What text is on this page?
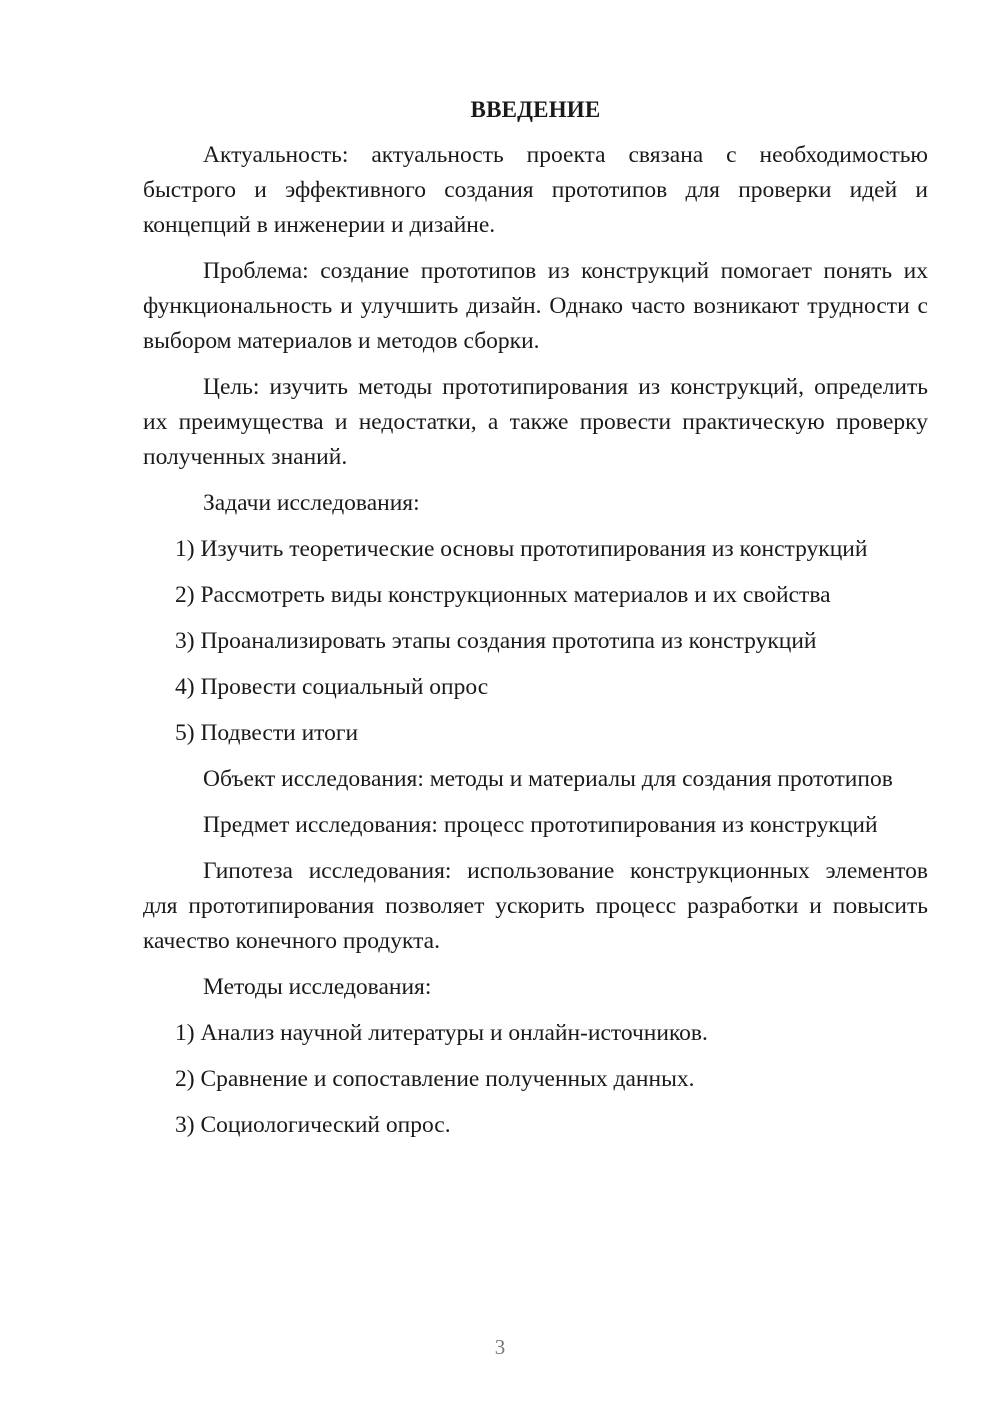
ВВЕДЕНИЕ

Актуальность: актуальность проекта связана с необходимостью быстрого и эффективного создания прототипов для проверки идей и концепций в инженерии и дизайне.

Проблема: создание прототипов из конструкций помогает понять их функциональность и улучшить дизайн. Однако часто возникают трудности с выбором материалов и методов сборки.

Цель: изучить методы прототипирования из конструкций, определить их преимущества и недостатки, а также провести практическую проверку полученных знаний.

Задачи исследования:

1) Изучить теоретические основы прототипирования из конструкций

2) Рассмотреть виды конструкционных материалов и их свойства

3) Проанализировать этапы создания прототипа из конструкций

4) Провести социальный опрос

5) Подвести итоги

Объект исследования: методы и материалы для создания прототипов

Предмет исследования: процесс прототипирования из конструкций

Гипотеза исследования: использование конструкционных элементов для прототипирования позволяет ускорить процесс разработки и повысить качество конечного продукта.

Методы исследования:

1) Анализ научной литературы и онлайн-источников.

2) Сравнение и сопоставление полученных данных.

3) Социологический опрос.

3
